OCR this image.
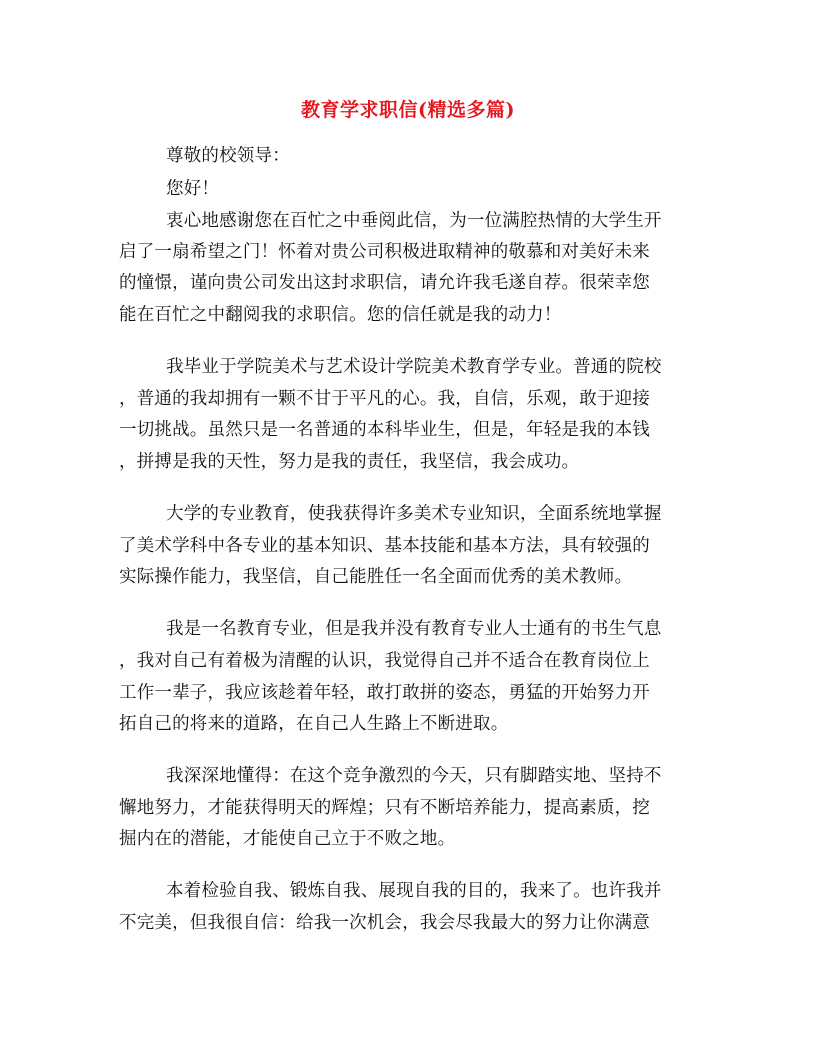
教育学求职信(精选多篇)
尊敬的校领导：
您好！
衷心地感谢您在百忙之中垂阅此信，为一位满腔热情的大学生开
启了一扇希望之门！怀着对贵公司积极进取精神的敬慕和对美好未来
的憧憬，谨向贵公司发出这封求职信，请允许我毛遂自荐。很荣幸您
能在百忙之中翻阅我的求职信。您的信任就是我的动力！
我毕业于学院美术与艺术设计学院美术教育学专业。普通的院校
，普通的我却拥有一颗不甘于平凡的心。我，自信，乐观，敢于迎接
一切挑战。虽然只是一名普通的本科毕业生，但是，年轻是我的本钱
，拼搏是我的天性，努力是我的责任，我坚信，我会成功。
大学的专业教育，使我获得许多美术专业知识，全面系统地掌握
了美术学科中各专业的基本知识、基本技能和基本方法，具有较强的
实际操作能力，我坚信，自己能胜任一名全面而优秀的美术教师。
我是一名教育专业，但是我并没有教育专业人士通有的书生气息
，我对自己有着极为清醒的认识，我觉得自己并不适合在教育岗位上
工作一辈子，我应该趁着年轻，敢打敢拼的姿态，勇猛的开始努力开
拓自己的将来的道路，在自己人生路上不断进取。
我深深地懂得：在这个竞争激烈的今天，只有脚踏实地、坚持不
懈地努力，才能获得明天的辉煌；只有不断培养能力，提高素质，挖
掘内在的潜能，才能使自己立于不败之地。
本着检验自我、锻炼自我、展现自我的目的，我来了。也许我并
不完美，但我很自信：给我一次机会，我会尽我最大的努力让你满意
